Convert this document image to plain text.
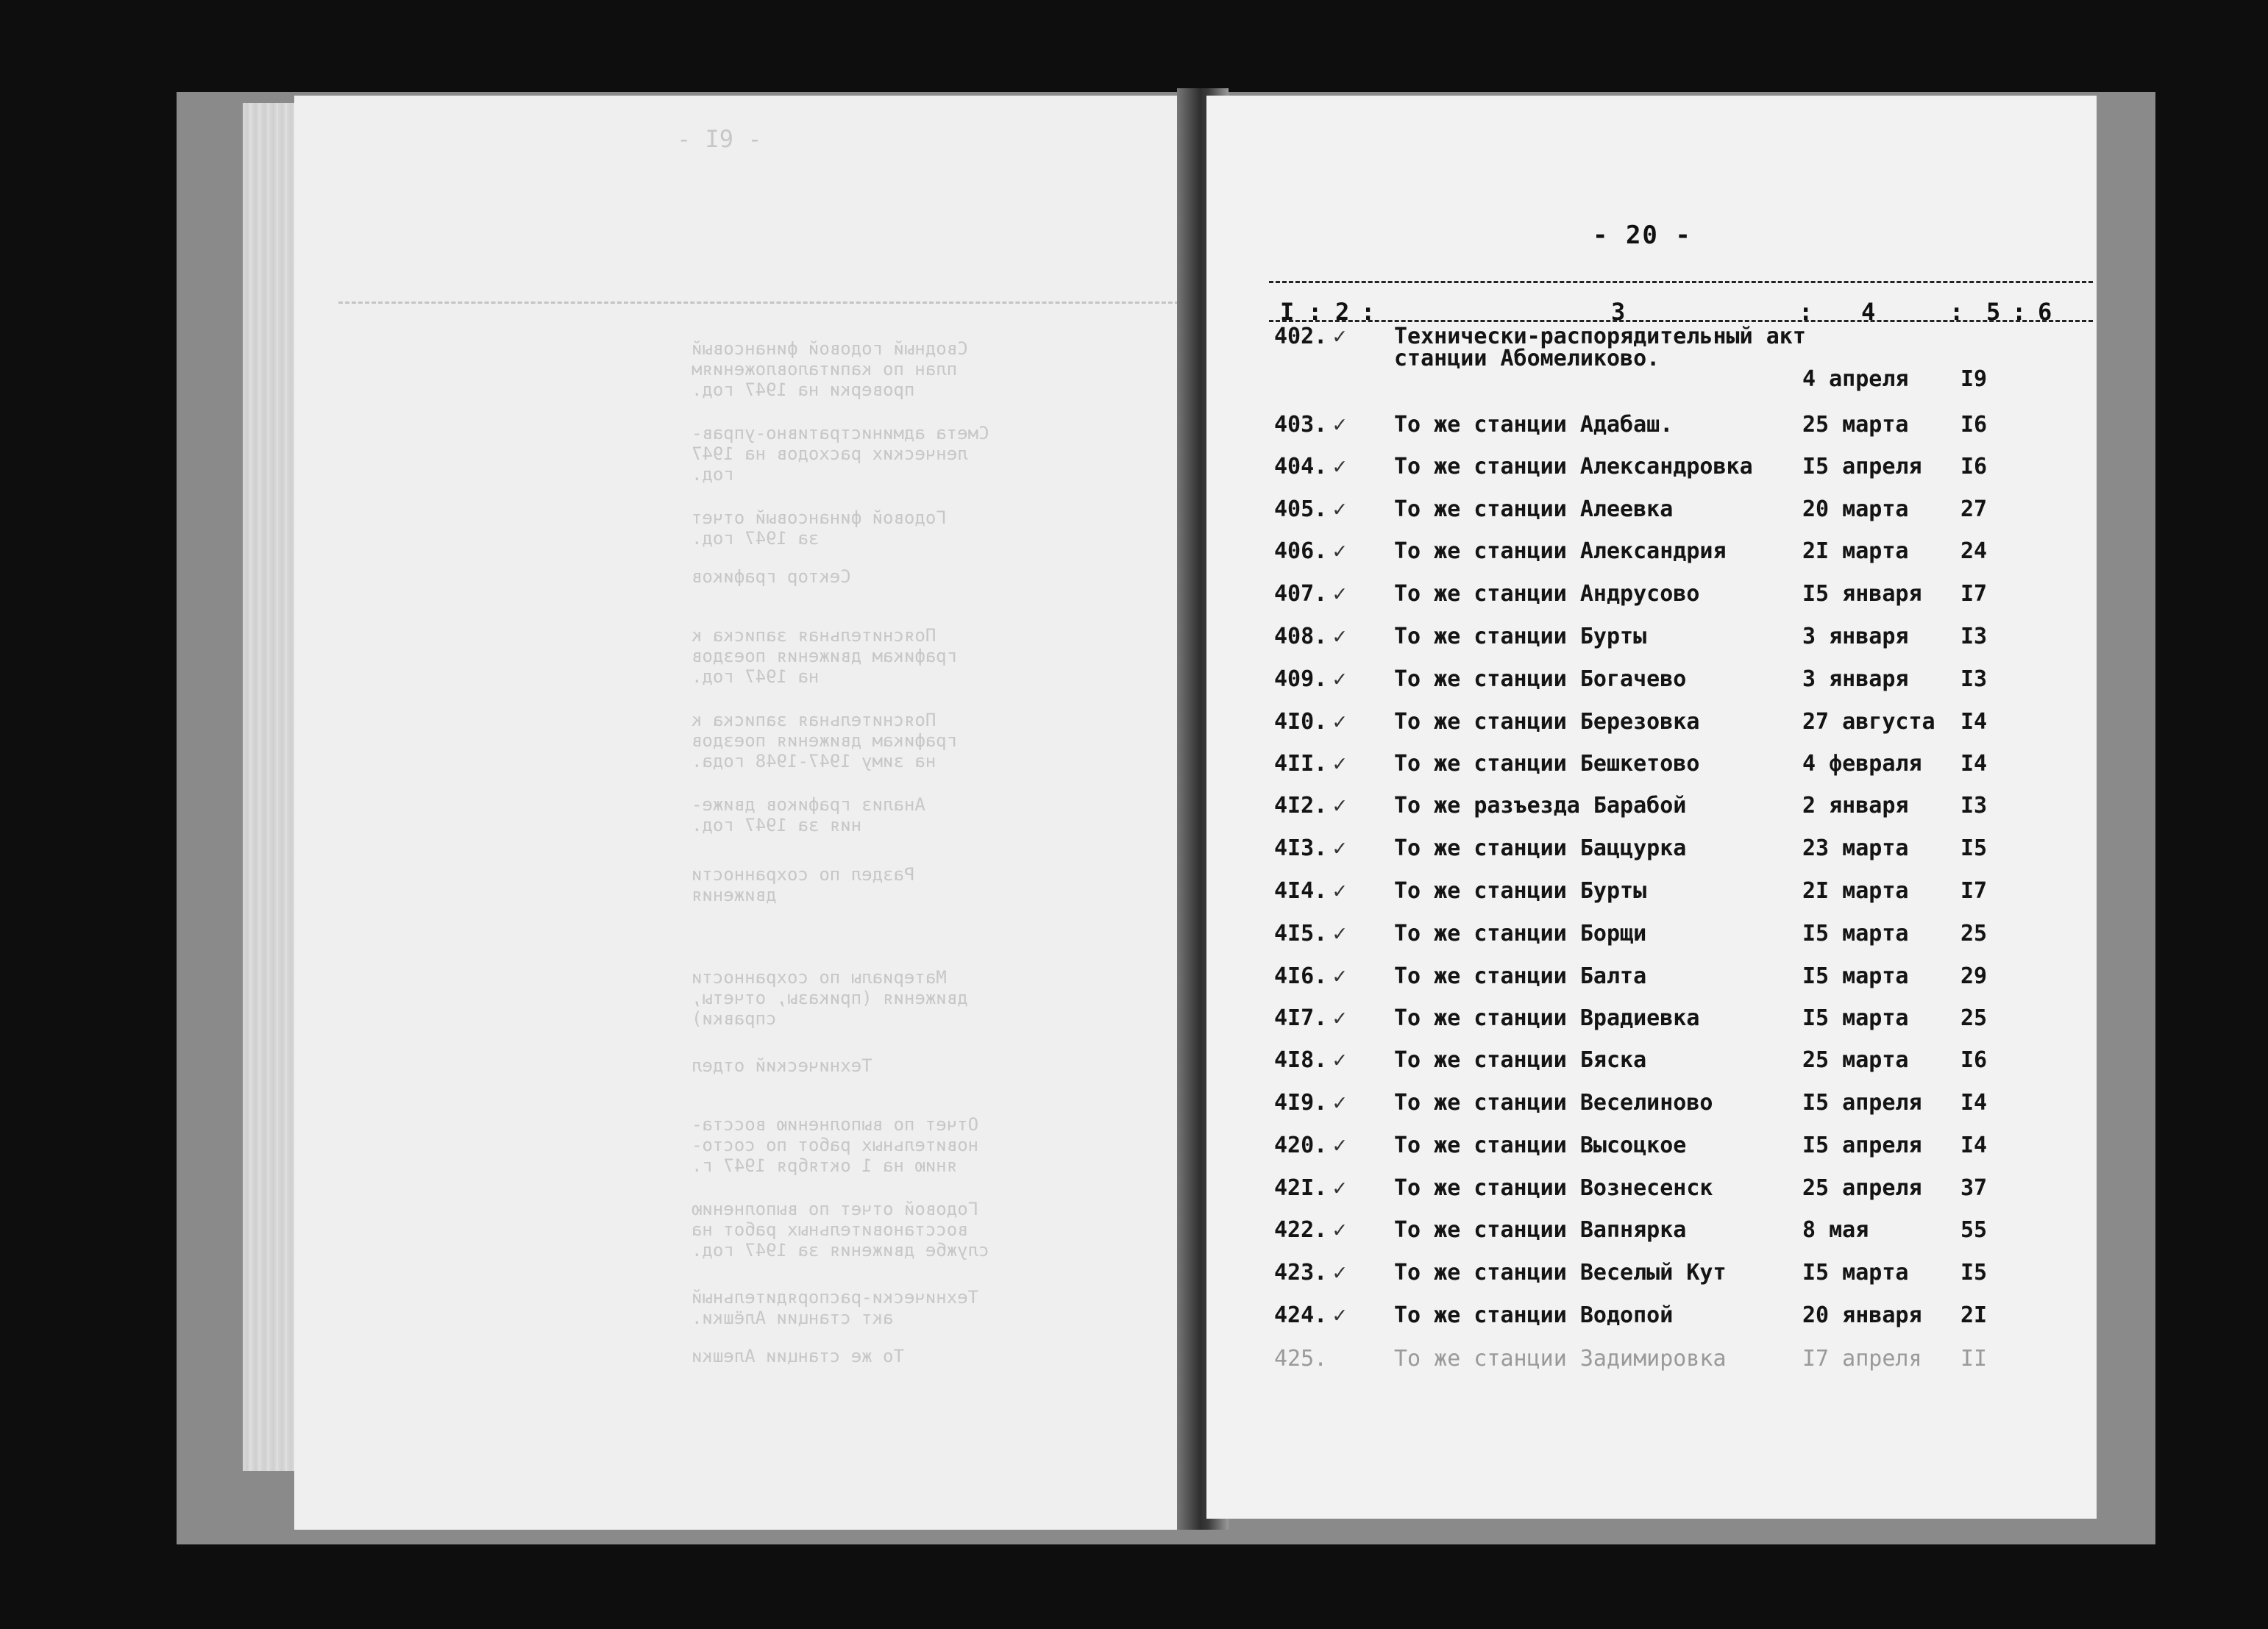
- I9 -
Сводный годовой финансовый
план по капиталовложениям
проверки на 1947 год.
Смета административно-управ-
ленческих расходов на 1947
год.
Годовой финансовый отчет
за 1947 год.
Сектор графиков
Пояснительная записка к
графикам движения поездов
на 1947 год.
Пояснительная записка к
графикам движения поездов
на зиму 1947-1948 года.
Анализ графиков движе-
ния за 1947 год.
Раздел по сохранности
движения
Материалы по сохранности
движения (приказы, отчеты,
справки)
Технический отдел
Отчет по выполнению восста-
новительных работ по состо-
янию на 1 октября 1947 г.
Годовой отчет по выполнению
восстановительных работ на
службе движения за 1947 год.
Технически-распорядительный
акт станции Алёшки.
То же станции Алешки
- 20 -
I : 2 :	3	: 4	: 5 : 6
402. ✓ Технически-распорядительный акт
станции Абомеликово.
4 апреля I9
403. ✓ То же станции Адабаш.	25 марта I6
404. ✓ То же станции Александровка I5 апреля I6
405. ✓ То же станции Алеевка	20 марта 27
406. ✓ То же станции Александрия	2I марта 24
407. ✓ То же станции Андрусово	I5 января I7
408. ✓ То же станции Бурты	3 января I3
409. ✓ То же станции Богачево	3 января I3
4I0. ✓ То же станции Березовка	27 августа I4
4II. ✓ То же станции Бешкетово	4 февраля I4
4I2. ✓ То же разъезда Барабой	2 января I3
4I3. ✓ То же станции Баццурка	23 марта I5
4I4. ✓ То же станции Бурты	2I марта I7
4I5. ✓ То же станции Борщи	I5 марта 25
4I6. ✓ То же станции Балта	I5 марта 29
4I7. ✓ То же станции Врадиевка	I5 марта 25
4I8. ✓ То же станции Бяска	25 марта I6
4I9. ✓ То же станции Веселиново	I5 апреля I4
420. ✓ То же станции Высоцкое	I5 апреля I4
42I. ✓ То же станции Вознесенск	25 апреля 37
422. ✓ То же станции Вапнярка	8 мая	55
423. ✓ То же станции Веселый Кут	I5 марта I5
424. ✓ То же станции Водопой	20 января 2I
425.	То же станции Задимировка	I7 апреля II
